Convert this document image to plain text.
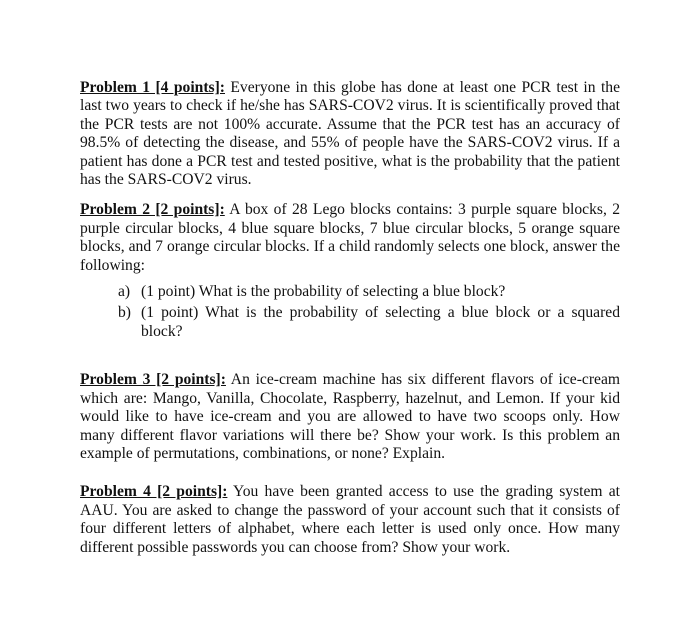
Problem 1 [4 points]: Everyone in this globe has done at least one PCR test in the last two years to check if he/she has SARS-COV2 virus. It is scientifically proved that the PCR tests are not 100% accurate. Assume that the PCR test has an accuracy of 98.5% of detecting the disease, and 55% of people have the SARS-COV2 virus. If a patient has done a PCR test and tested positive, what is the probability that the patient has the SARS-COV2 virus.

Problem 2 [2 points]: A box of 28 Lego blocks contains: 3 purple square blocks, 2 purple circular blocks, 4 blue square blocks, 7 blue circular blocks, 5 orange square blocks, and 7 orange circular blocks. If a child randomly selects one block, answer the following:

a) (1 point) What is the probability of selecting a blue block?
b) (1 point) What is the probability of selecting a blue block or a squared block?

Problem 3 [2 points]: An ice-cream machine has six different flavors of ice-cream which are: Mango, Vanilla, Chocolate, Raspberry, hazelnut, and Lemon. If your kid would like to have ice-cream and you are allowed to have two scoops only. How many different flavor variations will there be? Show your work. Is this problem an example of permutations, combinations, or none? Explain.

Problem 4 [2 points]: You have been granted access to use the grading system at AAU. You are asked to change the password of your account such that it consists of four different letters of alphabet, where each letter is used only once. How many different possible passwords you can choose from? Show your work.
